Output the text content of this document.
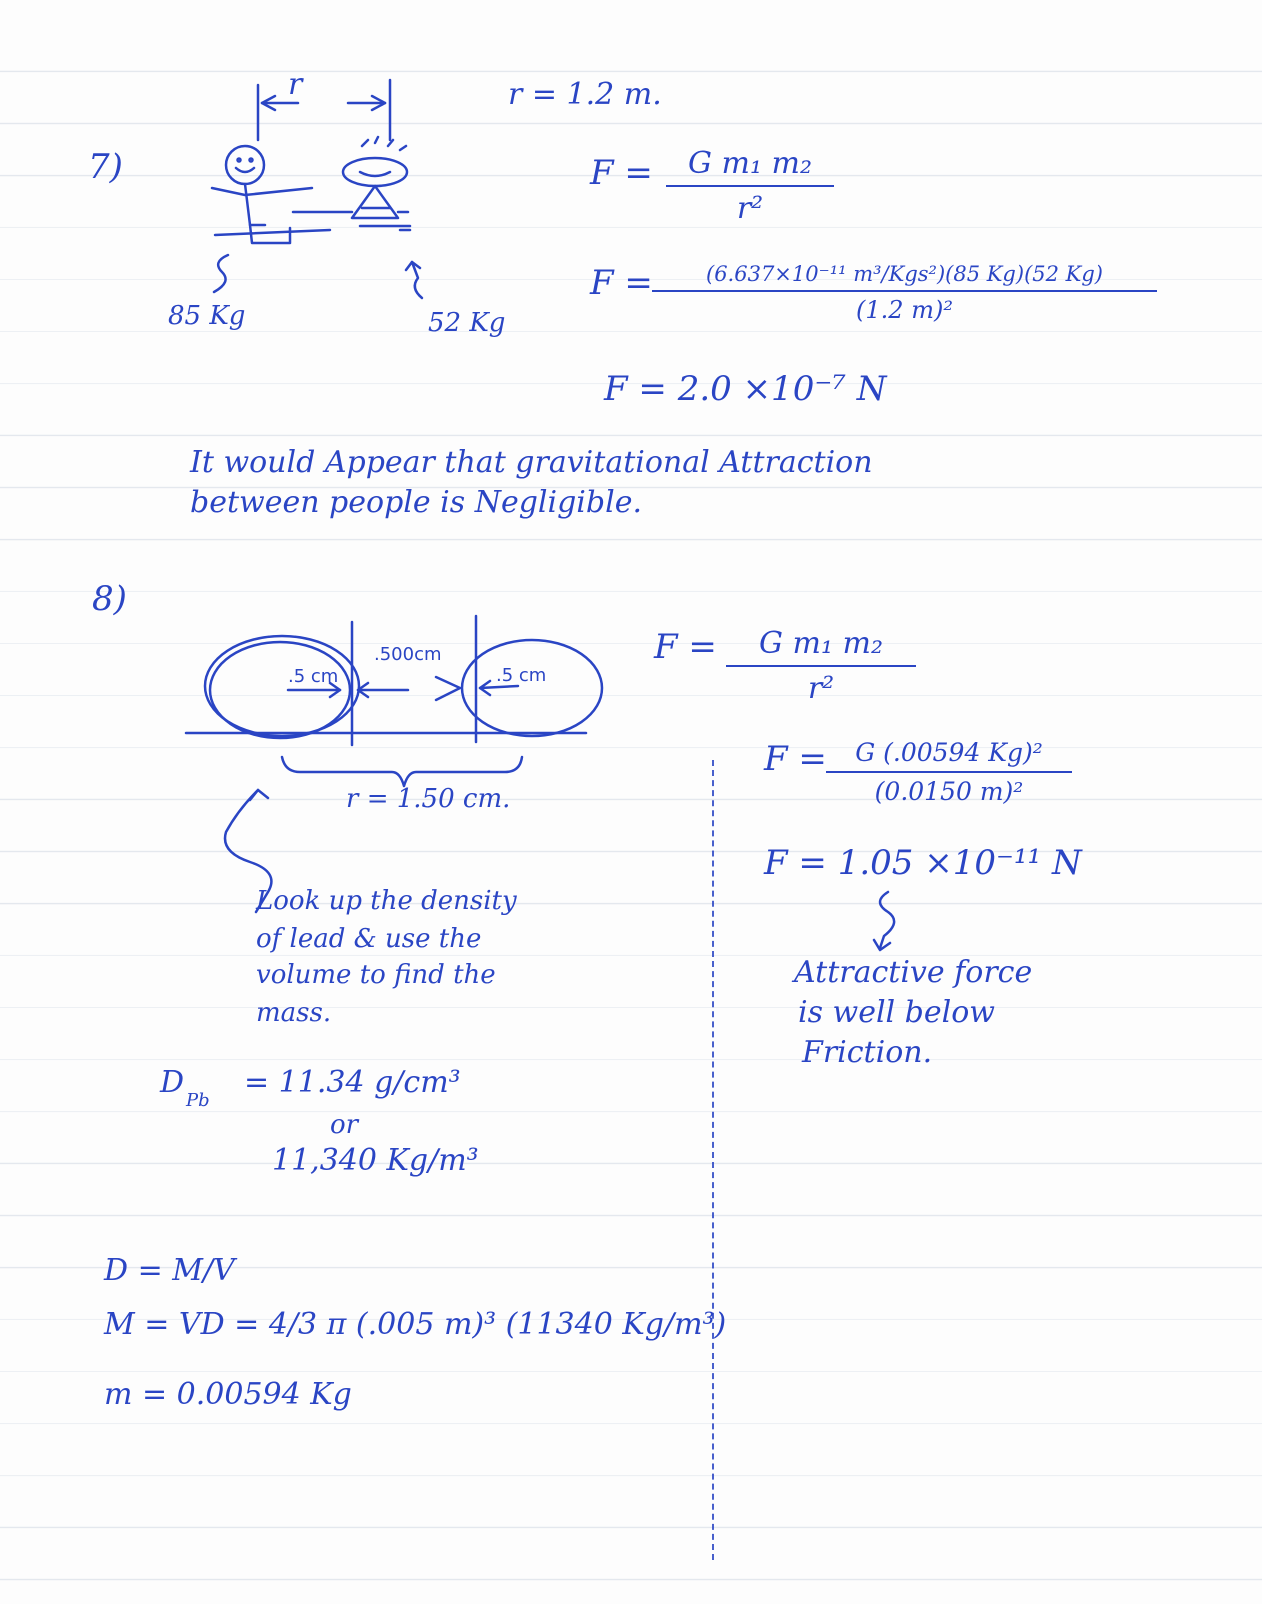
7)
r
85 Kg	52 Kg
r = 1.2 m.
F =	G m₁ m₂
r²
F =	(6.637×10⁻¹¹ m³/Kgs²)(85 Kg)(52 Kg)
(1.2 m)²
F = 2.0 ×10⁻⁷ N
It would Appear that gravitational Attraction
between people is Negligible.
8)
.5 cm
.500cm
.5 cm
r = 1.50 cm.
Look up the density
of lead & use the
volume to find the
mass.
D
Pb
= 11.34 g/cm³
or
11,340 Kg/m³
D = M/V
M = VD = 4/3 π (.005 m)³ (11340 Kg/m³)
m = 0.00594 Kg
F =	G m₁ m₂
r²
F =	G (.00594 Kg)²
(0.0150 m)²
F = 1.05 ×10⁻¹¹ N
Attractive force
is well below
Friction.
